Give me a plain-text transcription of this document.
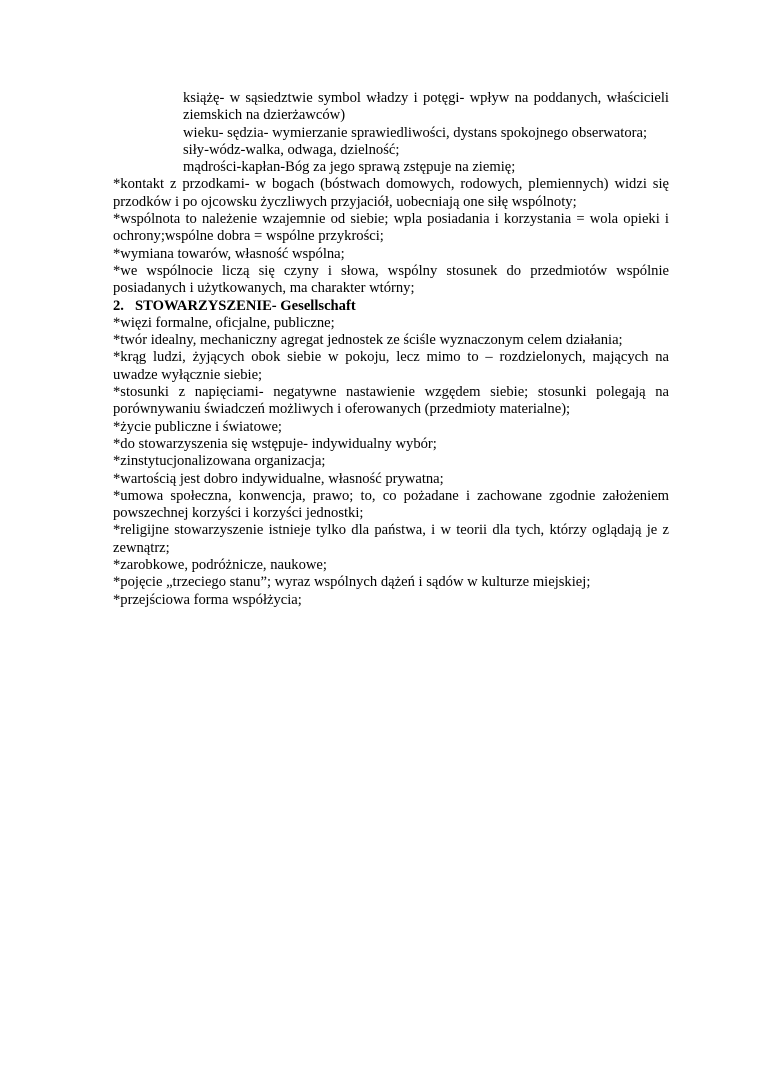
książę- w sąsiedztwie symbol władzy i potęgi- wpływ na poddanych, właścicieli ziemskich na dzierżawców)

wieku- sędzia- wymierzanie sprawiedliwości, dystans spokojnego obserwatora;

siły-wódz-walka, odwaga, dzielność;

mądrości-kapłan-Bóg za jego sprawą zstępuje na ziemię;

*kontakt z przodkami- w bogach (bóstwach domowych, rodowych, plemiennych) widzi się przodków i po ojcowsku życzliwych przyjaciół, uobecniają one siłę wspólnoty;

*wspólnota to należenie wzajemnie od siebie; wpla posiadania i korzystania = wola opieki i ochrony;wspólne dobra = wspólne przykrości;

*wymiana towarów, własność wspólna;

*we wspólnocie liczą się czyny i słowa, wspólny stosunek do przedmiotów wspólnie posiadanych i użytkowanych, ma charakter wtórny;

2. STOWARZYSZENIE- Gesellschaft

*więzi formalne, oficjalne, publiczne;

*twór idealny, mechaniczny agregat jednostek ze ściśle wyznaczonym celem działania;

*krąg ludzi, żyjących obok siebie w pokoju, lecz mimo to – rozdzielonych, mających na uwadze wyłącznie siebie;

*stosunki z napięciami- negatywne nastawienie wzgędem siebie; stosunki polegają na porównywaniu świadczeń możliwych i oferowanych (przedmioty materialne);

*życie publiczne i światowe;

*do stowarzyszenia się wstępuje- indywidualny wybór;

*zinstytucjonalizowana organizacja;

*wartością jest dobro indywidualne, własność prywatna;

*umowa społeczna, konwencja, prawo; to, co pożadane i zachowane zgodnie założeniem powszechnej korzyści i korzyści jednostki;

*religijne stowarzyszenie istnieje tylko dla państwa, i w teorii dla tych, którzy oglądają je z zewnątrz;

*zarobkowe, podróżnicze, naukowe;

*pojęcie „trzeciego stanu”; wyraz wspólnych dążeń i sądów w kulturze miejskiej;

*przejściowa forma współżycia;
